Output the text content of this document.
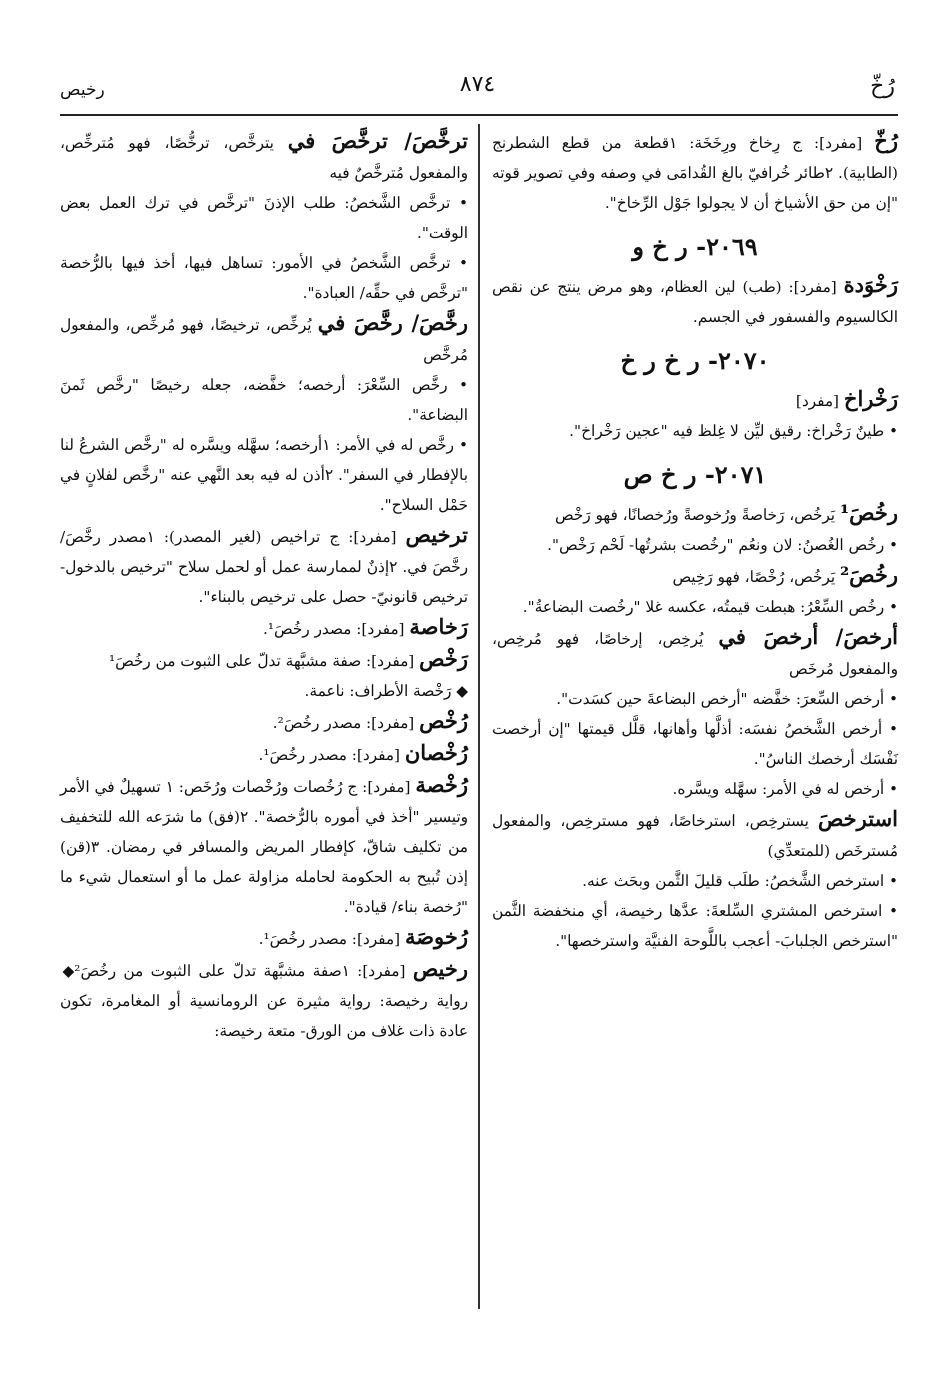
رُخّ
٨٧٤
رخيص

رُخّ [مفرد]: ج رِخاخ ورِخَخَة: ١قطعة من قطع الشطرنج (الطابية). ٢طائر خُرافيّ بالغ القُدامَى في وصفه وفي تصوير قوته "إن من حق الأشياخ أن لا يجولوا جَوْل الرِّخاخ".

٢٠٦٩- ر خ و

رَخْوَدة [مفرد]: (طب) لين العظام، وهو مرض ينتج عن نقص الكالسيوم والفسفور في الجسم.

٢٠٧٠- ر خ ر خ

رَخْراخ [مفرد]

• طينٌ رَخْراخ: رقيق ليِّن لا غِلظ فيه "عجين رَخْراخ".

٢٠٧١- ر خ ص

رخُصَ¹ يَرخُص، رَخاصةً ورُخوصةً ورُخصانًا، فهو رَخْص

• رخُص الغُصنُ: لان ونعُم "رخُصت بشرتُها- لَحْم رَخْص".

رخُصَ² يَرخُص، رُخْصًا، فهو رَخِيص

• رخُص السِّعْرُ: هبطت قيمتُه، عكسه غلا "رخُصت البضاعةُ".

أرخصَ/ أرخصَ في يُرخِص، إرخاصًا، فهو مُرخِص، والمفعول مُرخَص

• أرخص السِّعرَ: خفَّضه "أرخص البضاعةَ حين كسَدت".

• أرخص الشَّخصُ نفسَه: أذلَّها وأهانها، قلَّل قيمتها "إن أرخصت نَفْسَك أرخصك الناسُ".

• أرخص له في الأمر: سهَّله ويسَّره.

استرخصَ يسترخِص، استرخاصًا، فهو مسترخِص، والمفعول مُسترخَص (للمتعدِّي)

• استرخص الشَّخصُ: طلَب قليلَ الثَّمن وبحَث عنه.

• استرخص المشتري السِّلعةَ: عدَّها رخيصة، أي منخفضة الثَّمن "استرخص الجلبابَ- أعجب باللَّوحة الفنيَّة واسترخصها".

ترخَّصَ/ ترخَّصَ في يترخَّص، ترخُّصًا، فهو مُترخِّص، والمفعول مُترخَّصٌ فيه

• ترخَّص الشَّخصُ: طلب الإذنَ "ترخَّص في ترك العمل بعض الوقت".

• ترخَّص الشَّخصُ في الأمور: تساهل فيها، أخذ فيها بالرُّخصة "ترخَّص في حقِّه/ العبادة".

رخَّصَ/ رخَّصَ في يُرخِّص، ترخيصًا، فهو مُرخِّص، والمفعول مُرخَّص

• رخَّص السِّعْرَ: أرخصه؛ خفَّضه، جعله رخيصًا "رخَّص ثَمنَ البضاعة".

• رخَّص له في الأمر: ١أرخصه؛ سهَّله ويسَّره له "رخَّص الشرعُ لنا بالإفطار في السفر". ٢أذن له فيه بعد النَّهي عنه "رخَّص لفلانٍ في حَمْل السلاح".

ترخيص [مفرد]: ج تراخيص (لغير المصدر): ١مصدر رخَّصَ/ رخَّصَ في. ٢إذنٌ لممارسة عمل أو لحمل سلاح "ترخيص بالدخول- ترخيص قانونيّ- حصل على ترخيص بالبناء".

رَخاصة [مفرد]: مصدر رخُصَ¹.

رَخْص [مفرد]: صفة مشبَّهة تدلّ على الثبوت من رخُصَ¹

◆ رَخْصة الأطراف: ناعمة.

رُخْص [مفرد]: مصدر رخُصَ².

رُخْصان [مفرد]: مصدر رخُصَ¹.

رُخْصة [مفرد]: ج رُخُصات ورُخْصات ورُخَص: ١ تسهيلٌ في الأمر وتيسير "أخذ في أموره بالرُّخصة". ٢(فق) ما شرَعه الله للتخفيف من تكليف شاقّ، كإفطار المريض والمسافر في رمضان. ٣(قن) إذن تُبيح به الحكومة لحامله مزاولة عمل ما أو استعمال شيء ما "رُخصة بناء/ قيادة".

رُخوصَة [مفرد]: مصدر رخُصَ¹.

رخيص [مفرد]: ١صفة مشبَّهة تدلّ على الثبوت من رخُصَ²◆ رواية رخيصة: رواية مثيرة عن الرومانسية أو المغامرة، تكون عادة ذات غلاف من الورق- متعة رخيصة:
